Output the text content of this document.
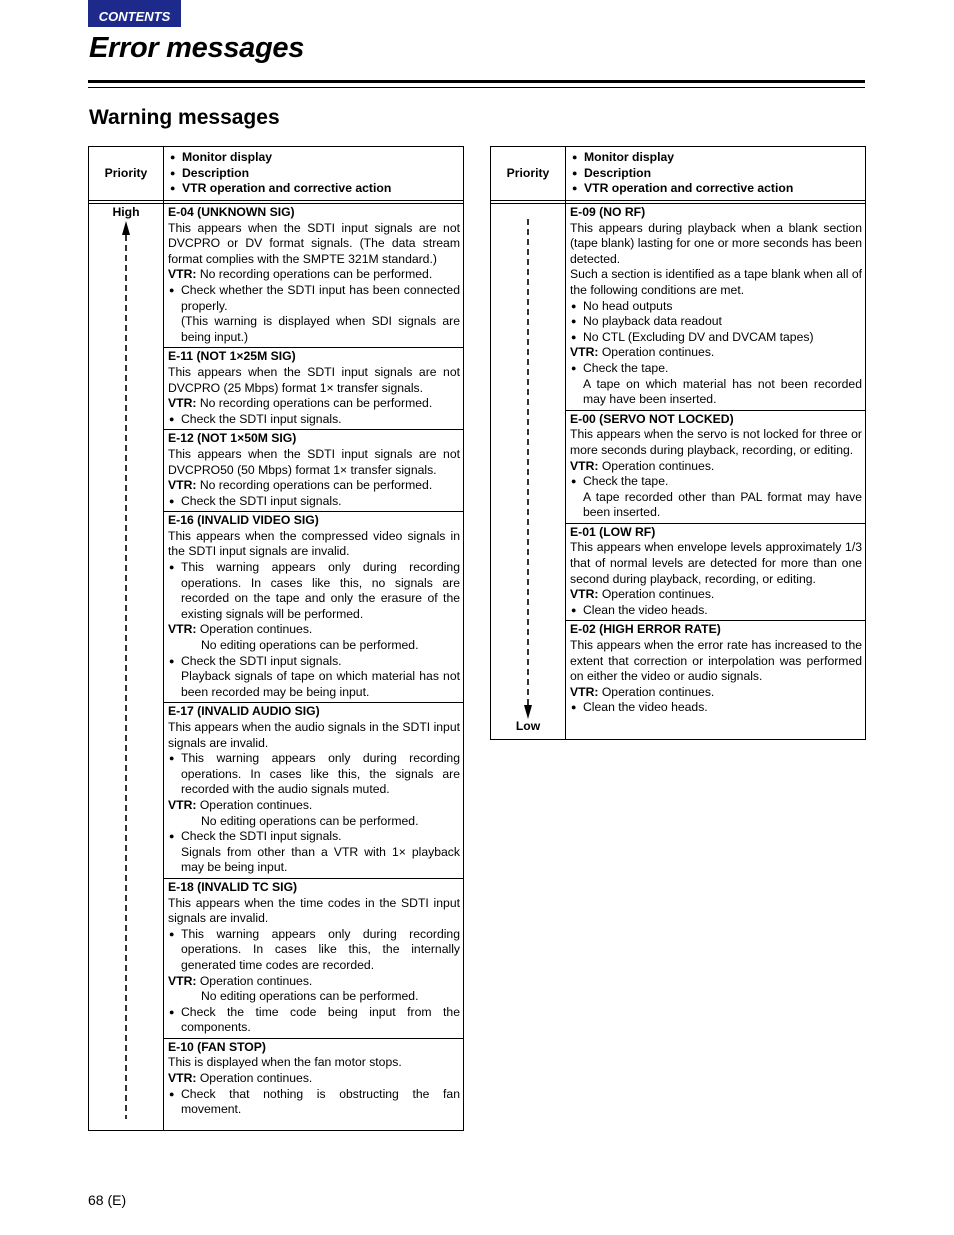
CONTENTS
Error messages
Warning messages
Priority
● Monitor display
● Description
● VTR operation and corrective action
High	E-04 (UNKNOWN SIG)
This appears when the SDTI input signals are not DVCPRO or DV format signals. (The data stream format complies with the SMPTE 321M standard.)
VTR: No recording operations can be performed.
● Check whether the SDTI input has been connected properly.
(This warning is displayed when SDI signals are being input.)
E-11 (NOT 1×25M SIG)
This appears when the SDTI input signals are not DVCPRO (25 Mbps) format 1× transfer signals.
VTR: No recording operations can be performed.
● Check the SDTI input signals.
E-12 (NOT 1×50M SIG)
This appears when the SDTI input signals are not DVCPRO50 (50 Mbps) format 1× transfer signals.
VTR: No recording operations can be performed.
● Check the SDTI input signals.
E-16 (INVALID VIDEO SIG)
This appears when the compressed video signals in the SDTI input signals are invalid.
● This warning appears only during recording operations. In cases like this, no signals are recorded on the tape and only the erasure of the existing signals will be performed.
VTR: Operation continues.
No editing operations can be performed.
● Check the SDTI input signals.
Playback signals of tape on which material has not been recorded may be being input.
E-17 (INVALID AUDIO SIG)
This appears when the audio signals in the SDTI input signals are invalid.
● This warning appears only during recording operations. In cases like this, the signals are recorded with the audio signals muted.
VTR: Operation continues.
No editing operations can be performed.
● Check the SDTI input signals.
Signals from other than a VTR with 1× playback may be being input.
E-18 (INVALID TC SIG)
This appears when the time codes in the SDTI input signals are invalid.
● This warning appears only during recording operations. In cases like this, the internally generated time codes are recorded.
VTR: Operation continues.
No editing operations can be performed.
● Check the time code being input from the components.
E-10 (FAN STOP)
This is displayed when the fan motor stops.
VTR: Operation continues.
● Check that nothing is obstructing the fan movement.
Priority
● Monitor display
● Description
● VTR operation and corrective action
Low
E-09 (NO RF)
This appears during playback when a blank section (tape blank) lasting for one or more seconds has been detected.
Such a section is identified as a tape blank when all of the following conditions are met.
● No head outputs
● No playback data readout
● No CTL (Excluding DV and DVCAM tapes)
VTR: Operation continues.
● Check the tape.
A tape on which material has not been recorded may have been inserted.
E-00 (SERVO NOT LOCKED)
This appears when the servo is not locked for three or more seconds during playback, recording, or editing.
VTR: Operation continues.
● Check the tape.
A tape recorded other than PAL format may have been inserted.
E-01 (LOW RF)
This appears when envelope levels approximately 1/3 that of normal levels are detected for more than one second during playback, recording, or editing.
VTR: Operation continues.
● Clean the video heads.
E-02 (HIGH ERROR RATE)
This appears when the error rate has increased to the extent that correction or interpolation was performed on either the video or audio signals.
VTR: Operation continues.
● Clean the video heads.
68 (E)
